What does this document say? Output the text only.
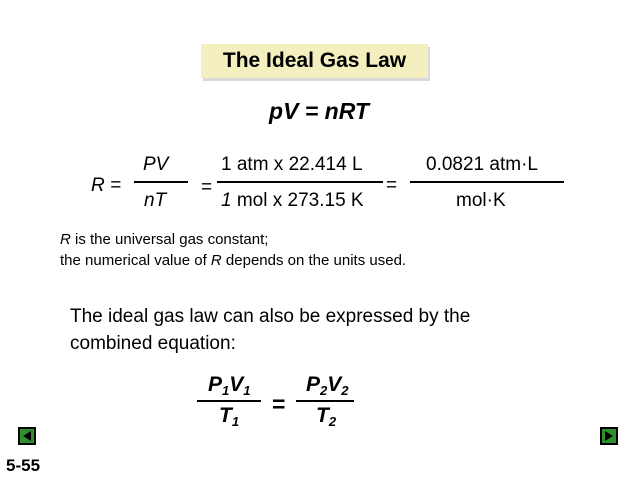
The Ideal Gas Law
pV = nRT
R =
PV
nT
=
1 atm x 22.414 L
1 mol x 273.15 K
=
0.0821 atm·L
mol·K
R is the universal gas constant;
the numerical value of R depends on the units used.
The ideal gas law can also be expressed by the
combined equation:
$P_1V_1$
$T_1$
=
$P_2V_2$
$T_2$
5-55
